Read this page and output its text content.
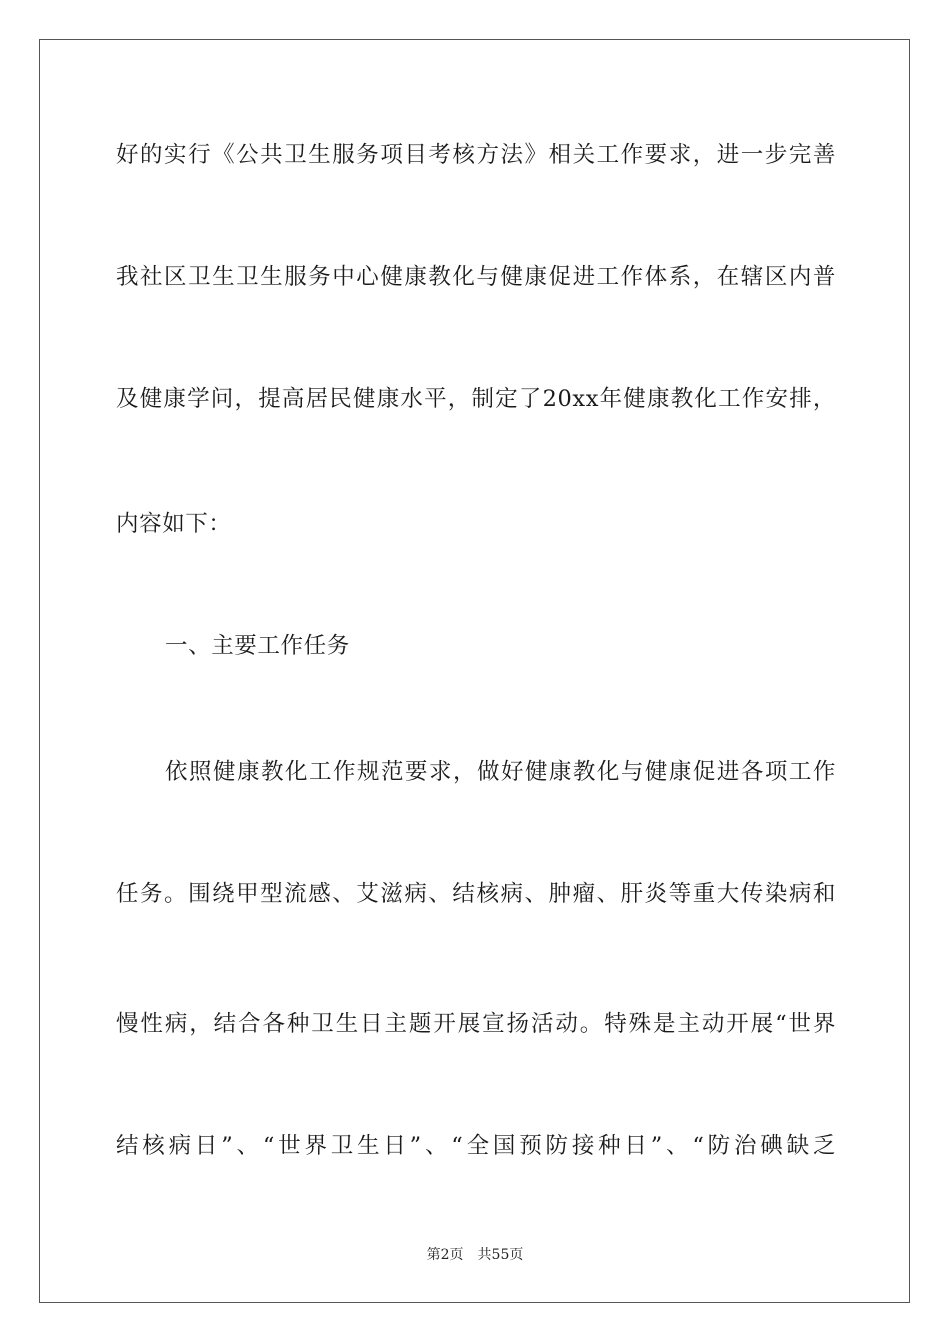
好的实行《公共卫生服务项目考核方法》相关工作要求，进一步完善
我社区卫生卫生服务中心健康教化与健康促进工作体系，在辖区内普
及健康学问，提高居民健康水平，制定了20xx年健康教化工作安排，
内容如下：
一、主要工作任务
依照健康教化工作规范要求，做好健康教化与健康促进各项工作
任务。围绕甲型流感、艾滋病、结核病、肿瘤、肝炎等重大传染病和
慢性病，结合各种卫生日主题开展宣扬活动。特殊是主动开展“世界
结核病日”、“世界卫生日”、“全国预防接种日”、“防治碘缺乏
第2页 共55页
